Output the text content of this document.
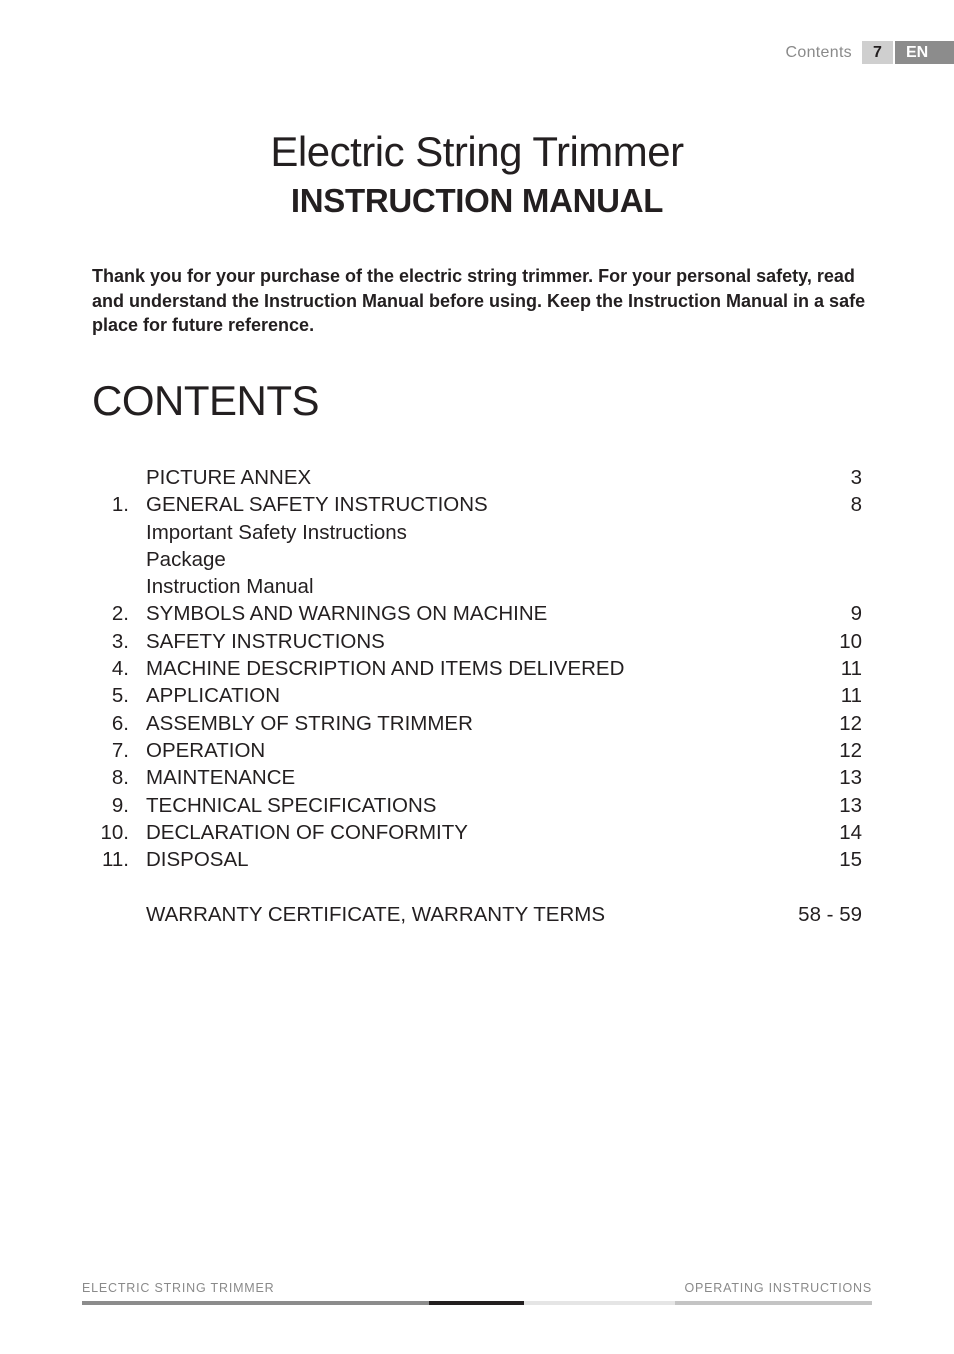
Contents	7	EN
Electric String Trimmer
INSTRUCTION MANUAL
Thank you for your purchase of the electric string trimmer. For your personal safety, read and understand the Instruction Manual before using. Keep the Instruction Manual in a safe place for future reference.
CONTENTS
PICTURE ANNEX	3
1. GENERAL SAFETY INSTRUCTIONS	8
Important Safety Instructions
Package
Instruction Manual
2. SYMBOLS AND WARNINGS ON MACHINE	9
3. SAFETY INSTRUCTIONS	10
4. MACHINE DESCRIPTION AND ITEMS DELIVERED	11
5. APPLICATION	11
6. ASSEMBLY OF STRING TRIMMER	12
7. OPERATION	12
8. MAINTENANCE	13
9. TECHNICAL SPECIFICATIONS	13
10. DECLARATION OF CONFORMITY	14
11. DISPOSAL	15
WARRANTY CERTIFICATE, WARRANTY TERMS	58 - 59
ELECTRIC STRING TRIMMER	OPERATING INSTRUCTIONS
